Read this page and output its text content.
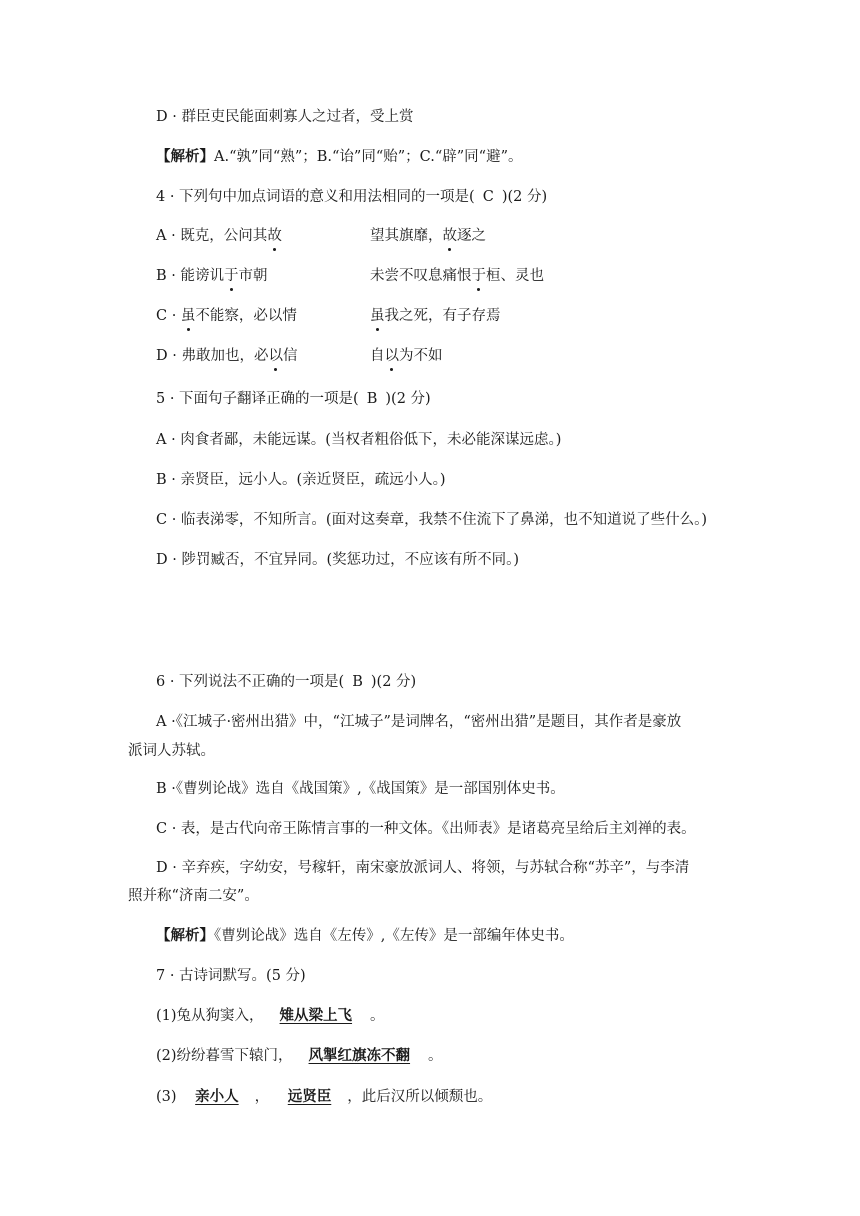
D · 群臣吏民能面刺寡人之过者，受上赏
【解析】A.“孰”同“熟”；B.“诒”同“贻”；C.“辟”同“避”。
4 · 下列句中加点词语的意义和用法相同的一项是( C )(2 分)
A · 既克，公问其故	望其旗靡，故逐之
B · 能谤讥于市朝	未尝不叹息痛恨于桓、灵也
C · 虽不能察，必以情	虽我之死，有子存焉
D · 弗敢加也，必以信	自以为不如
5 · 下面句子翻译正确的一项是( B )(2 分)
A · 肉食者鄙，未能远谋。(当权者粗俗低下，未必能深谋远虑。)
B · 亲贤臣，远小人。(亲近贤臣，疏远小人。)
C · 临表涕零，不知所言。(面对这奏章，我禁不住流下了鼻涕，也不知道说了些什么。)
D · 陟罚臧否，不宜异同。(奖惩功过，不应该有所不同。)
6 · 下列说法不正确的一项是( B )(2 分)
A ·《江城子·密州出猎》中，“江城子”是词牌名，“密州出猎”是题目，其作者是豪放
派词人苏轼。
B ·《曹刿论战》选自《战国策》,《战国策》是一部国别体史书。
C · 表，是古代向帝王陈情言事的一种文体。《出师表》是诸葛亮呈给后主刘禅的表。
D · 辛弃疾，字幼安，号稼轩，南宋豪放派词人、将领，与苏轼合称“苏辛”，与李清
照并称“济南二安”。
【解析】《曹刿论战》选自《左传》,《左传》是一部编年体史书。
7 · 古诗词默写。(5 分)
(1)兔从狗窦入， 雉从梁上飞 。
(2)纷纷暮雪下辕门， 风掣红旗冻不翻 。
(3) 亲小人 ， 远贤臣 ，此后汉所以倾颓也。
